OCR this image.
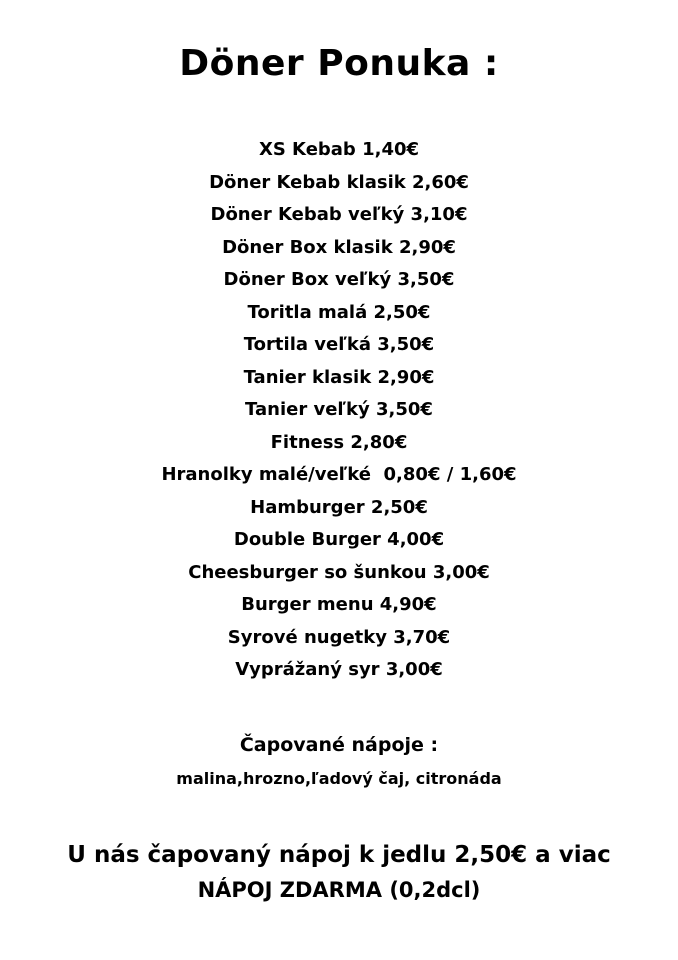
Döner Ponuka :
XS Kebab 1,40€
Döner Kebab klasik 2,60€
Döner Kebab veľký 3,10€
Döner Box klasik 2,90€
Döner Box veľký 3,50€
Toritla malá 2,50€
Tortila veľká 3,50€
Tanier klasik 2,90€
Tanier veľký 3,50€
Fitness 2,80€
Hranolky malé/veľké  0,80€ / 1,60€
Hamburger 2,50€
Double Burger 4,00€
Cheesburger so šunkou 3,00€
Burger menu 4,90€
Syrové nugetky 3,70€
Vyprážaný syr 3,00€
Čapované nápoje :
malina,hrozno,ľadový čaj, citronáda
U nás čapovaný nápoj k jedlu 2,50€ a viac
NÁPOJ ZDARMA (0,2dcl)
